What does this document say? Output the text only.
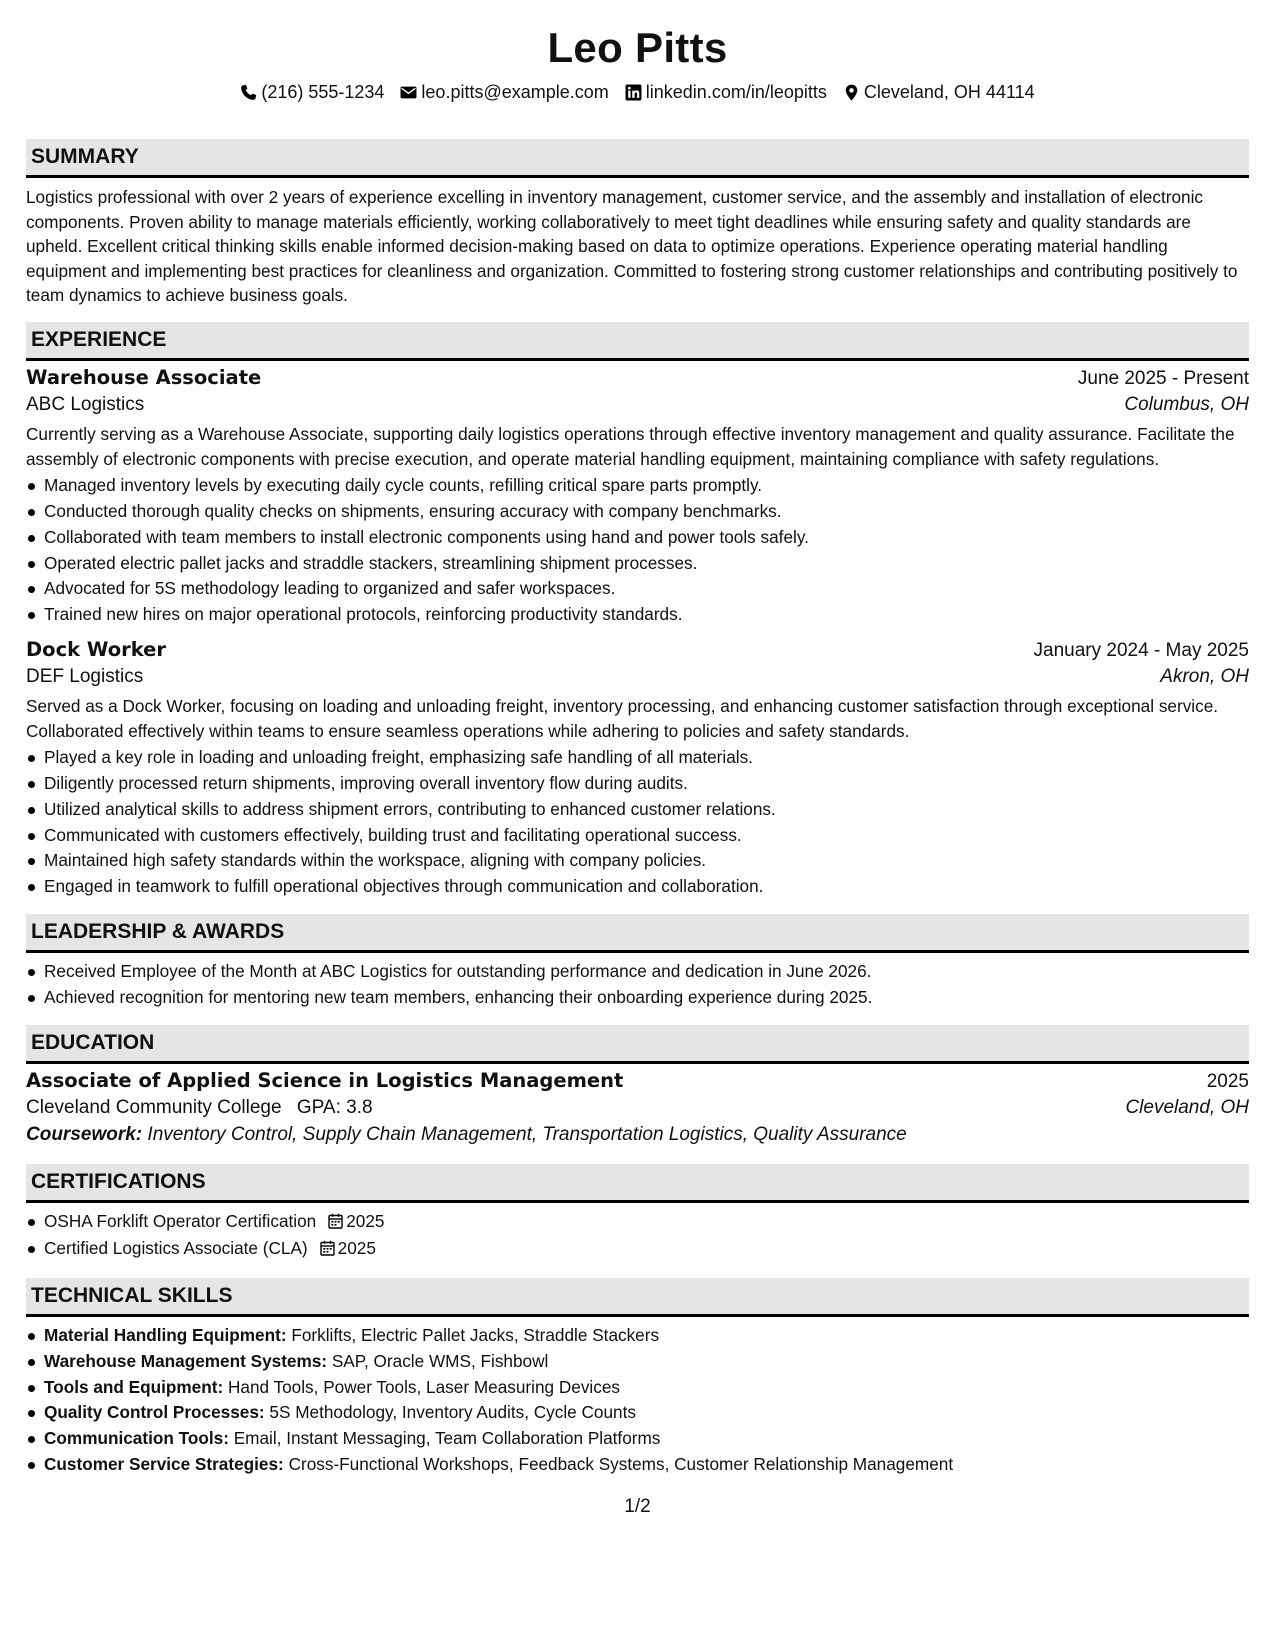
Leo Pitts
(216) 555-1234 leo.pitts@example.com linkedin.com/in/leopitts Cleveland, OH 44114
SUMMARY
Logistics professional with over 2 years of experience excelling in inventory management, customer service, and the assembly and installation of electronic components. Proven ability to manage materials efficiently, working collaboratively to meet tight deadlines while ensuring safety and quality standards are upheld. Excellent critical thinking skills enable informed decision-making based on data to optimize operations. Experience operating material handling equipment and implementing best practices for cleanliness and organization. Committed to fostering strong customer relationships and contributing positively to team dynamics to achieve business goals.
EXPERIENCE
Warehouse Associate	June 2025 - Present
ABC Logistics	Columbus, OH
Currently serving as a Warehouse Associate, supporting daily logistics operations through effective inventory management and quality assurance. Facilitate the assembly of electronic components with precise execution, and operate material handling equipment, maintaining compliance with safety regulations.
Managed inventory levels by executing daily cycle counts, refilling critical spare parts promptly.
Conducted thorough quality checks on shipments, ensuring accuracy with company benchmarks.
Collaborated with team members to install electronic components using hand and power tools safely.
Operated electric pallet jacks and straddle stackers, streamlining shipment processes.
Advocated for 5S methodology leading to organized and safer workspaces.
Trained new hires on major operational protocols, reinforcing productivity standards.
Dock Worker	January 2024 - May 2025
DEF Logistics	Akron, OH
Served as a Dock Worker, focusing on loading and unloading freight, inventory processing, and enhancing customer satisfaction through exceptional service. Collaborated effectively within teams to ensure seamless operations while adhering to policies and safety standards.
Played a key role in loading and unloading freight, emphasizing safe handling of all materials.
Diligently processed return shipments, improving overall inventory flow during audits.
Utilized analytical skills to address shipment errors, contributing to enhanced customer relations.
Communicated with customers effectively, building trust and facilitating operational success.
Maintained high safety standards within the workspace, aligning with company policies.
Engaged in teamwork to fulfill operational objectives through communication and collaboration.
LEADERSHIP & AWARDS
Received Employee of the Month at ABC Logistics for outstanding performance and dedication in June 2026.
Achieved recognition for mentoring new team members, enhancing their onboarding experience during 2025.
EDUCATION
Associate of Applied Science in Logistics Management	2025
Cleveland Community College GPA: 3.8	Cleveland, OH
Coursework: Inventory Control, Supply Chain Management, Transportation Logistics, Quality Assurance
CERTIFICATIONS
OSHA Forklift Operator Certification 2025
Certified Logistics Associate (CLA) 2025
TECHNICAL SKILLS
Material Handling Equipment: Forklifts, Electric Pallet Jacks, Straddle Stackers
Warehouse Management Systems: SAP, Oracle WMS, Fishbowl
Tools and Equipment: Hand Tools, Power Tools, Laser Measuring Devices
Quality Control Processes: 5S Methodology, Inventory Audits, Cycle Counts
Communication Tools: Email, Instant Messaging, Team Collaboration Platforms
Customer Service Strategies: Cross-Functional Workshops, Feedback Systems, Customer Relationship Management
1/2
